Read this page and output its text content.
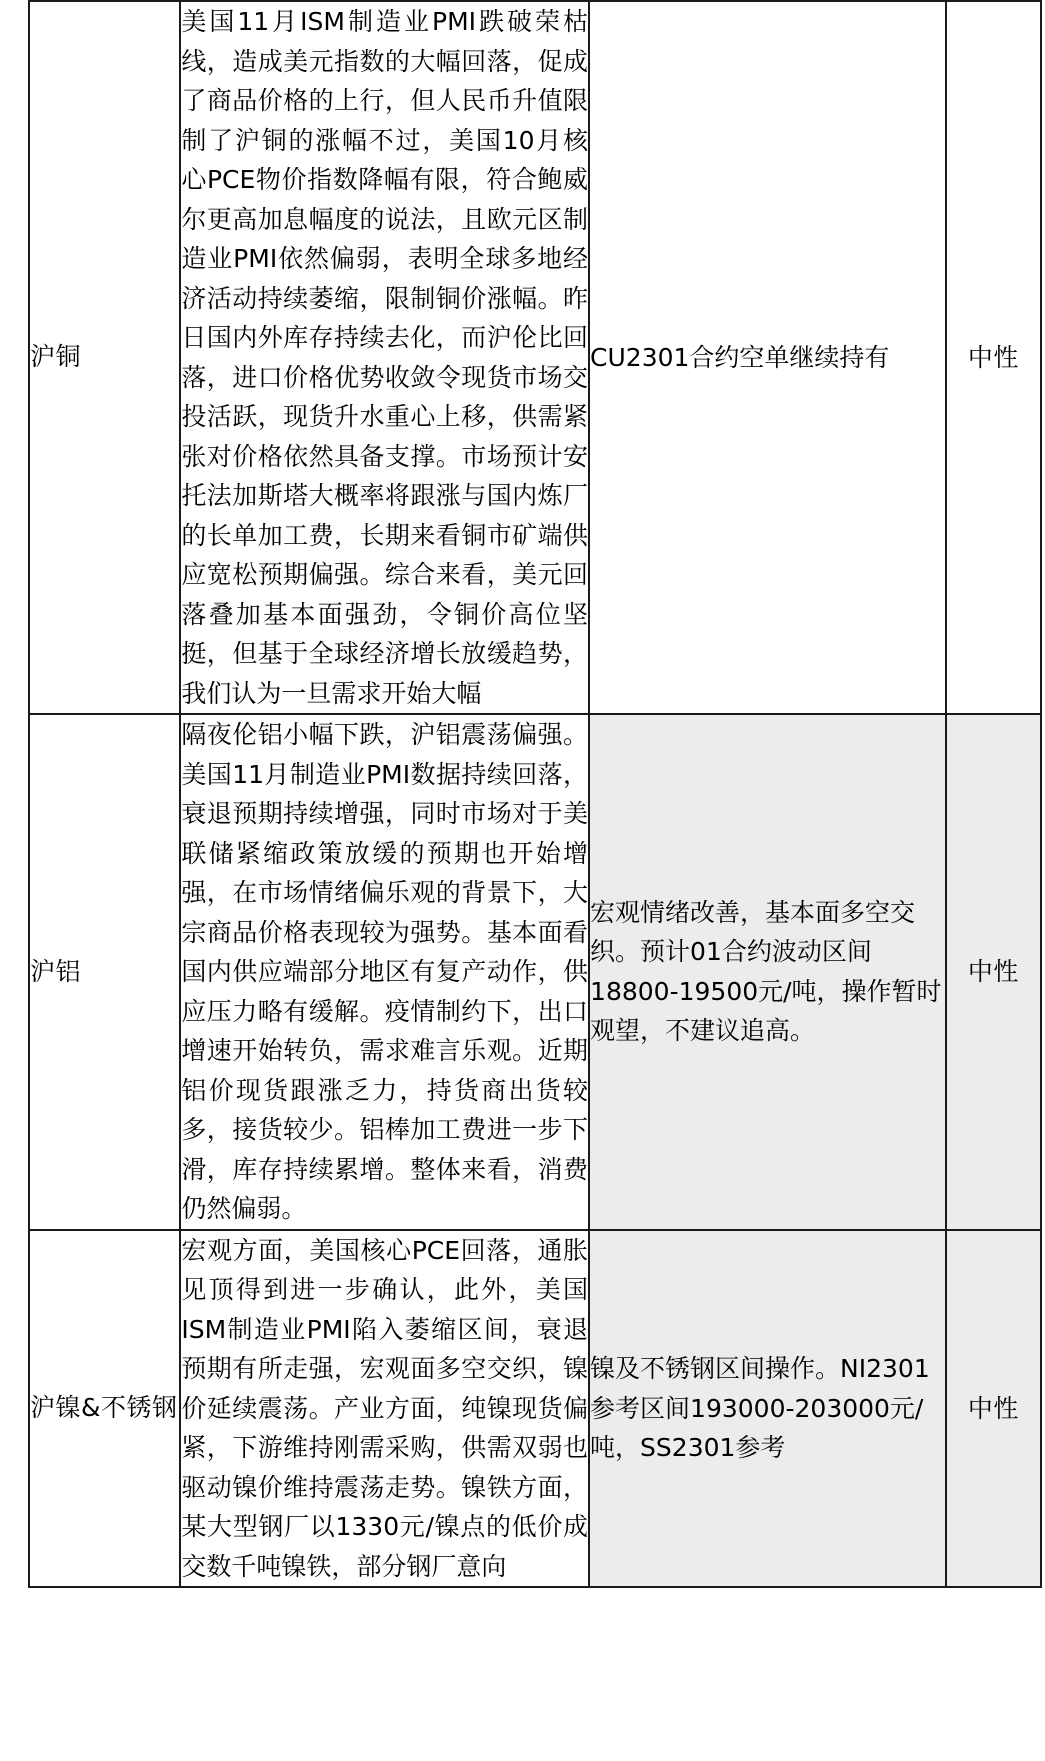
沪铜	美国11月ISM制造业PMI跌破荣枯线，造成美元指数的大幅回落，促成了商品价格的上行，但人民币升值限制了沪铜的涨幅不过，美国10月核心PCE物价指数降幅有限，符合鲍威尔更高加息幅度的说法，且欧元区制造业PMI依然偏弱，表明全球多地经济活动持续萎缩，限制铜价涨幅。昨日国内外库存持续去化，而沪伦比回落，进口价格优势收敛令现货市场交投活跃，现货升水重心上移，供需紧张对价格依然具备支撑。市场预计安托法加斯塔大概率将跟涨与国内炼厂的长单加工费，长期来看铜市矿端供应宽松预期偏强。综合来看，美元回落叠加基本面强劲，令铜价高位坚挺，但基于全球经济增长放缓趋势，我们认为一旦需求开始大幅	CU2301合约空单继续持有	中性
沪铝	隔夜伦铝小幅下跌，沪铝震荡偏强。美国11月制造业PMI数据持续回落，衰退预期持续增强，同时市场对于美联储紧缩政策放缓的预期也开始增强，在市场情绪偏乐观的背景下，大宗商品价格表现较为强势。基本面看国内供应端部分地区有复产动作，供应压力略有缓解。疫情制约下，出口增速开始转负，需求难言乐观。近期铝价现货跟涨乏力，持货商出货较多，接货较少。铝棒加工费进一步下滑，库存持续累增。整体来看，消费仍然偏弱。	宏观情绪改善，基本面多空交织。预计01合约波动区间18800-19500元/吨，操作暂时观望，不建议追高。	中性
沪镍&不锈钢	宏观方面，美国核心PCE回落，通胀见顶得到进一步确认，此外，美国ISM制造业PMI陷入萎缩区间，衰退预期有所走强，宏观面多空交织，镍价延续震荡。产业方面，纯镍现货偏紧，下游维持刚需采购，供需双弱也驱动镍价维持震荡走势。镍铁方面，某大型钢厂以1330元/镍点的低价成交数千吨镍铁，部分钢厂意向	镍及不锈钢区间操作。NI2301参考区间193000-203000元/吨，SS2301参考	中性
